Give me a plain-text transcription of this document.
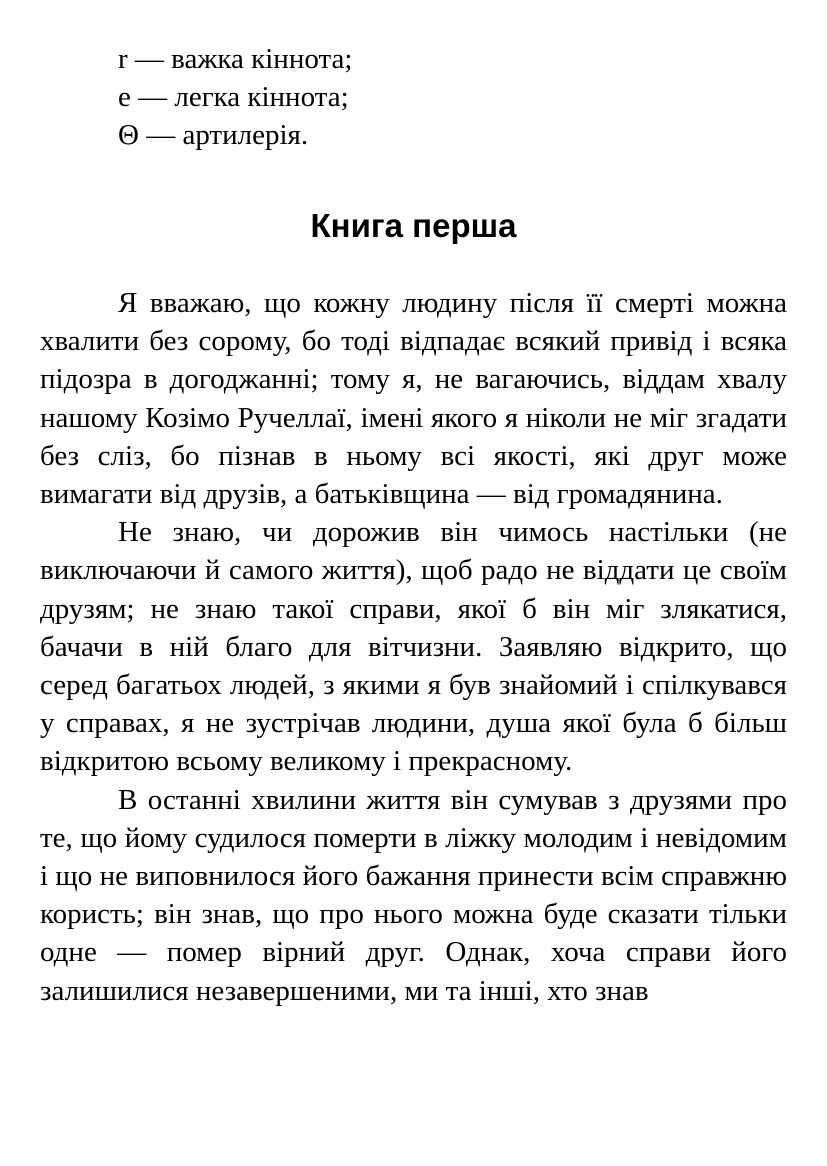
r — важка кіннота;
e — легка кіннота;
Θ — артилерія.
Книга перша

Я вважаю, що кожну людину після її смерті можна хвалити без сорому, бо тоді відпадає всякий привід і всяка підозра в догоджанні; тому я, не вагаючись, віддам хвалу нашому Козімо Ручеллаї, імені якого я ніколи не міг згадати без сліз, бо пізнав в ньому всі якості, які друг може вимагати від друзів, а батьківщина — від громадянина.

Не знаю, чи дорожив він чимось настільки (не виключаючи й самого життя), щоб радо не віддати це своїм друзям; не знаю такої справи, якої б він міг злякатися, бачачи в ній благо для вітчизни. Заявляю відкрито, що серед багатьох людей, з якими я був знайомий і спілкувався у справах, я не зустрічав людини, душа якої була б більш відкритою всьому великому і прекрасному.

В останні хвилини життя він сумував з друзями про те, що йому судилося померти в ліжку молодим і невідомим і що не виповнилося його бажання принести всім справжню користь; він знав, що про нього можна буде сказати тільки одне — помер вірний друг. Однак, хоча справи його залишилися незавершеними, ми та інші, хто знав
